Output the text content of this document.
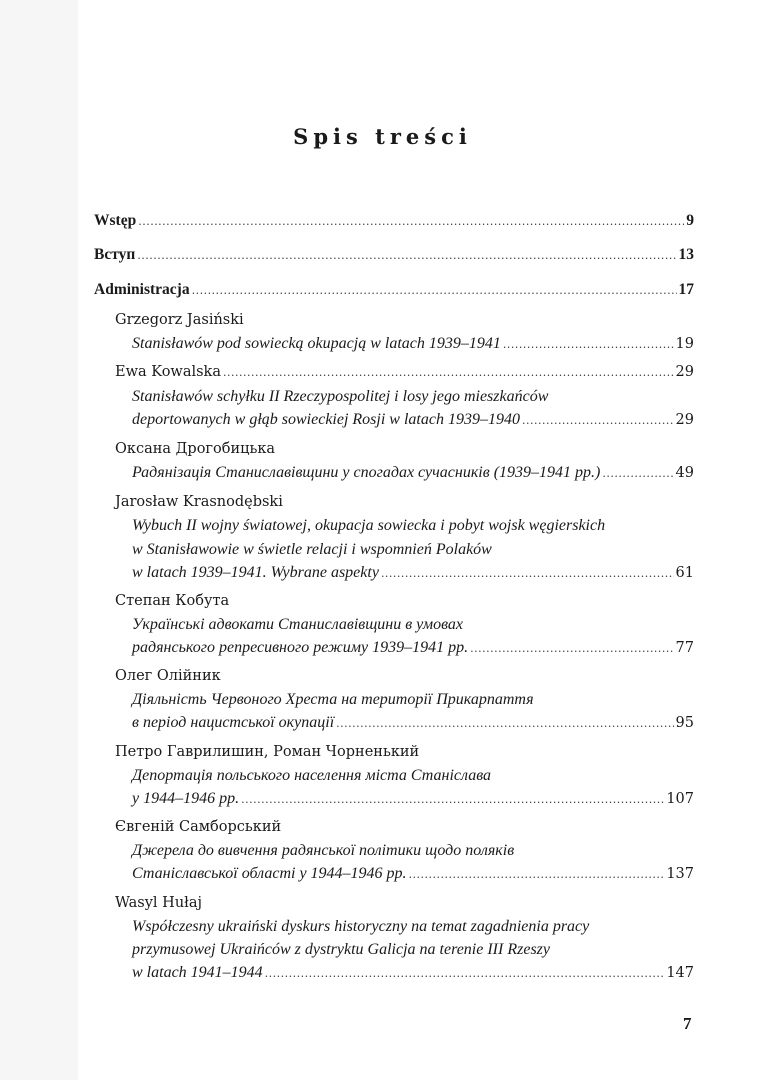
Spis treści
Wstęp .....	9
Вступ .....	13
Administracja .....	17
Grzegorz Jasiński
Stanisławów pod sowiecką okupacją w latach 1939–1941 .....	19
Ewa Kowalska .....	29
Stanisławów schyłku II Rzeczypospolitej i losy jego mieszkańców
deportowanych w głąb sowieckiej Rosji w latach 1939–1940 .....	29
Оксана Дрогобицька
Радянізація Станиславівщини у спогадах сучасників (1939–1941 рр.) .....	49
Jarosław Krasnodębski
Wybuch II wojny światowej, okupacja sowiecka i pobyt wojsk węgierskich
w Stanisławowie w świetle relacji i wspomnień Polaków
w latach 1939–1941. Wybrane aspekty .....	61
Степан Кобута
Українські адвокати Станиславівщини в умовах
радянського репресивного режиму 1939–1941 рр. .....	77
Олег Олійник
Діяльність Червоного Хреста на території Прикарпаття
в період нацистської окупації .....	95
Петро Гаврилишин, Роман Чорненький
Депортація польського населення міста Станіслава
у 1944–1946 рр. .....	107
Євгеній Самборський
Джерела до вивчення радянської політики щодо поляків
Станіславської області у 1944–1946 рр. .....	137
Wasyl Hułaj
Współczesny ukraiński dyskurs historyczny na temat zagadnienia pracy
przymusowej Ukraińców z dystryktu Galicja na terenie III Rzeszy
w latach 1941–1944 .....	147
7
